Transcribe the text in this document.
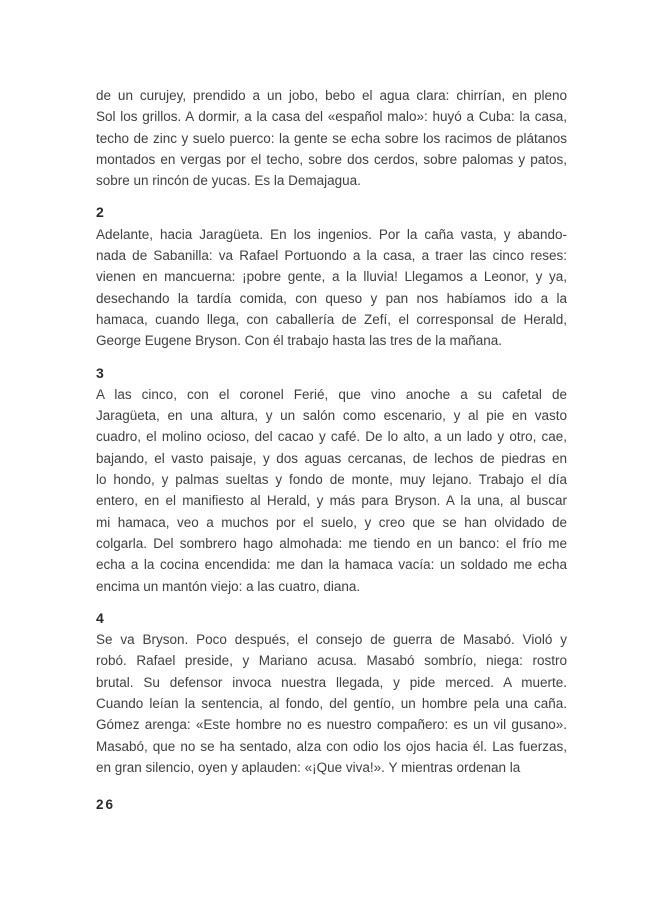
de un curujey, prendido a un jobo, bebo el agua clara: chirrían, en pleno
Sol los grillos. A dormir, a la casa del «español malo»: huyó a Cuba: la casa,
techo de zinc y suelo puerco: la gente se echa sobre los racimos de plátanos
montados en vergas por el techo, sobre dos cerdos, sobre palomas y patos,
sobre un rincón de yucas. Es la Demajagua.
2
Adelante, hacia Jaragüeta. En los ingenios. Por la caña vasta, y abando-
nada de Sabanilla: va Rafael Portuondo a la casa, a traer las cinco reses:
vienen en mancuerna: ¡pobre gente, a la lluvia! Llegamos a Leonor, y ya,
desechando la tardía comida, con queso y pan nos habíamos ido a la
hamaca, cuando llega, con caballería de Zefí, el corresponsal de Herald,
George Eugene Bryson. Con él trabajo hasta las tres de la mañana.
3
A las cinco, con el coronel Ferié, que vino anoche a su cafetal de
Jaragüeta, en una altura, y un salón como escenario, y al pie en vasto
cuadro, el molino ocioso, del cacao y café. De lo alto, a un lado y otro, cae,
bajando, el vasto paisaje, y dos aguas cercanas, de lechos de piedras en
lo hondo, y palmas sueltas y fondo de monte, muy lejano. Trabajo el día
entero, en el manifiesto al Herald, y más para Bryson. A la una, al buscar
mi hamaca, veo a muchos por el suelo, y creo que se han olvidado de
colgarla. Del sombrero hago almohada: me tiendo en un banco: el frío me
echa a la cocina encendida: me dan la hamaca vacía: un soldado me echa
encima un mantón viejo: a las cuatro, diana.
4
Se va Bryson. Poco después, el consejo de guerra de Masabó. Violó y
robó. Rafael preside, y Mariano acusa. Masabó sombrío, niega: rostro
brutal. Su defensor invoca nuestra llegada, y pide merced. A muerte.
Cuando leían la sentencia, al fondo, del gentío, un hombre pela una caña.
Gómez arenga: «Este hombre no es nuestro compañero: es un vil gusano».
Masabó, que no se ha sentado, alza con odio los ojos hacia él. Las fuerzas,
en gran silencio, oyen y aplauden: «¡Que viva!». Y mientras ordenan la
26
